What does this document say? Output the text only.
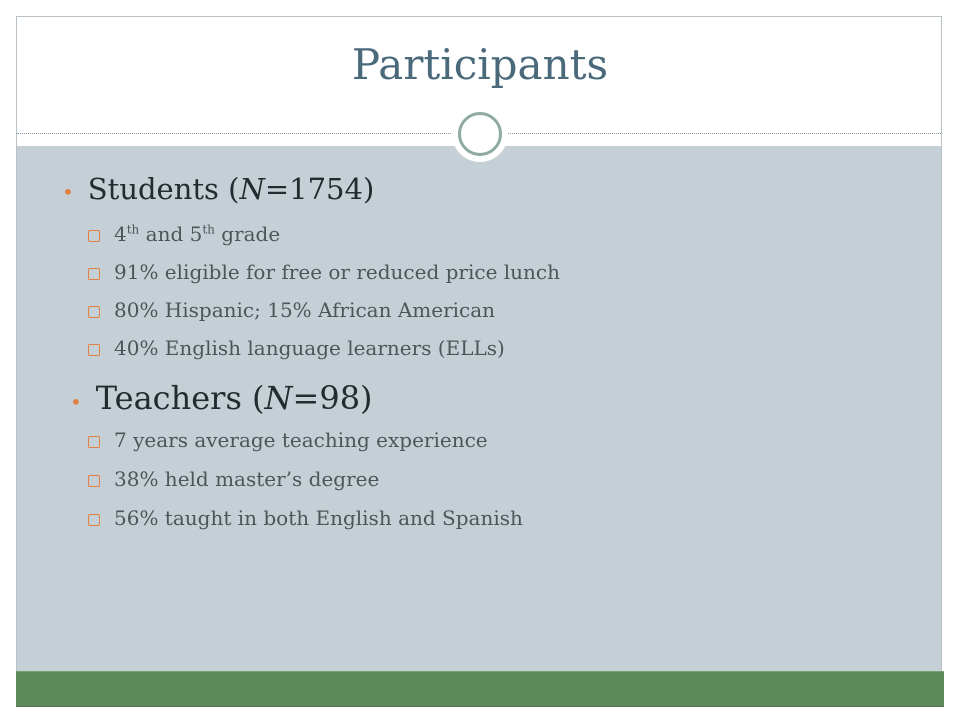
Participants
• Students (N=1754)
4th and 5th grade
91% eligible for free or reduced price lunch
80% Hispanic; 15% African American
40% English language learners (ELLs)
• Teachers (N=98)
7 years average teaching experience
38% held master’s degree
56% taught in both English and Spanish
